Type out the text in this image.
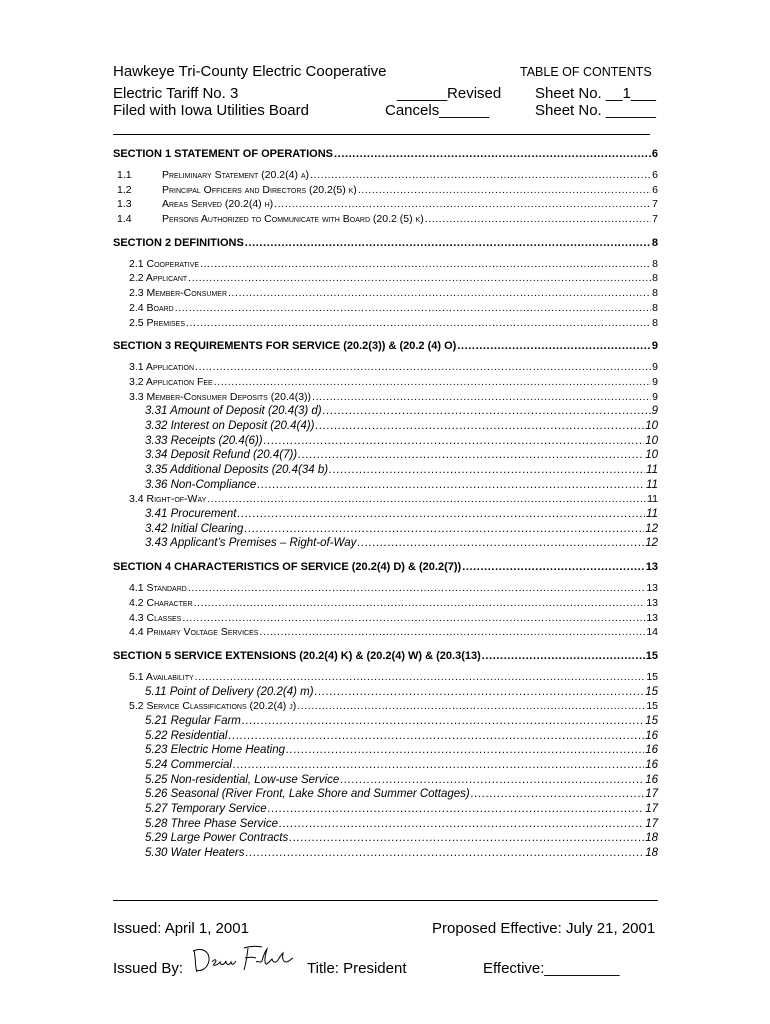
Hawkeye Tri-County Electric Cooperative	TABLE OF CONTENTS
Electric Tariff No. 3	______Revised Sheet No. __1___
Filed with Iowa Utilities Board	Cancels______	Sheet No. ______
SECTION 1 STATEMENT OF OPERATIONS .....	6
1.1	Preliminary Statement (20.2(4) a) .....	6
1.2	Principal Officers and Directors (20.2(5) k) .....	6
1.3	Areas Served (20.2(4) h) .....	7
1.4	Persons Authorized to Communicate with Board (20.2 (5) k) .....	7
SECTION 2 DEFINITIONS .....	8
2.1 Cooperative .....	8
2.2 Applicant .....	8
2.3 Member-Consumer .....	8
2.4 Board .....	8
2.5 Premises .....	8
SECTION 3 REQUIREMENTS FOR SERVICE (20.2(3)) & (20.2 (4) O) .....	9
3.1 Application .....	9
3.2 Application Fee .....	9
3.3 Member-Consumer Deposits (20.4(3)) .....	9
3.31 Amount of Deposit (20.4(3) d) .....	9
3.32 Interest on Deposit (20.4(4)) .....	10
3.33 Receipts (20.4(6)) .....	10
3.34 Deposit Refund (20.4(7)) .....	10
3.35 Additional Deposits (20.4(34 b) .....	11
3.36 Non-Compliance .....	11
3.4 Right-of-Way .....	11
3.41 Procurement .....	11
3.42 Initial Clearing .....	12
3.43 Applicant’s Premises – Right-of-Way .....	12
SECTION 4 CHARACTERISTICS OF SERVICE (20.2(4) D) & (20.2(7)) .....	13
4.1 Standard .....	13
4.2 Character .....	13
4.3 Classes .....	13
4.4 Primary Voltage Services .....	14
SECTION 5 SERVICE EXTENSIONS (20.2(4) K) & (20.2(4) W) & (20.3(13) .....	15
5.1 Availability .....	15
5.11 Point of Delivery (20.2(4) m) .....	15
5.2 Service Classifications (20.2(4) j) .....	15
5.21 Regular Farm .....	15
5.22 Residential .....	16
5.23 Electric Home Heating .....	16
5.24 Commercial .....	16
5.25 Non-residential, Low-use Service .....	16
5.26 Seasonal (River Front, Lake Shore and Summer Cottages) .....	17
5.27 Temporary Service .....	17
5.28 Three Phase Service .....	17
5.29 Large Power Contracts .....	18
5.30 Water Heaters .....	18
Issued: April 1, 2001	Proposed Effective: July 21, 2001
Issued By:	Title: President	Effective:_________
